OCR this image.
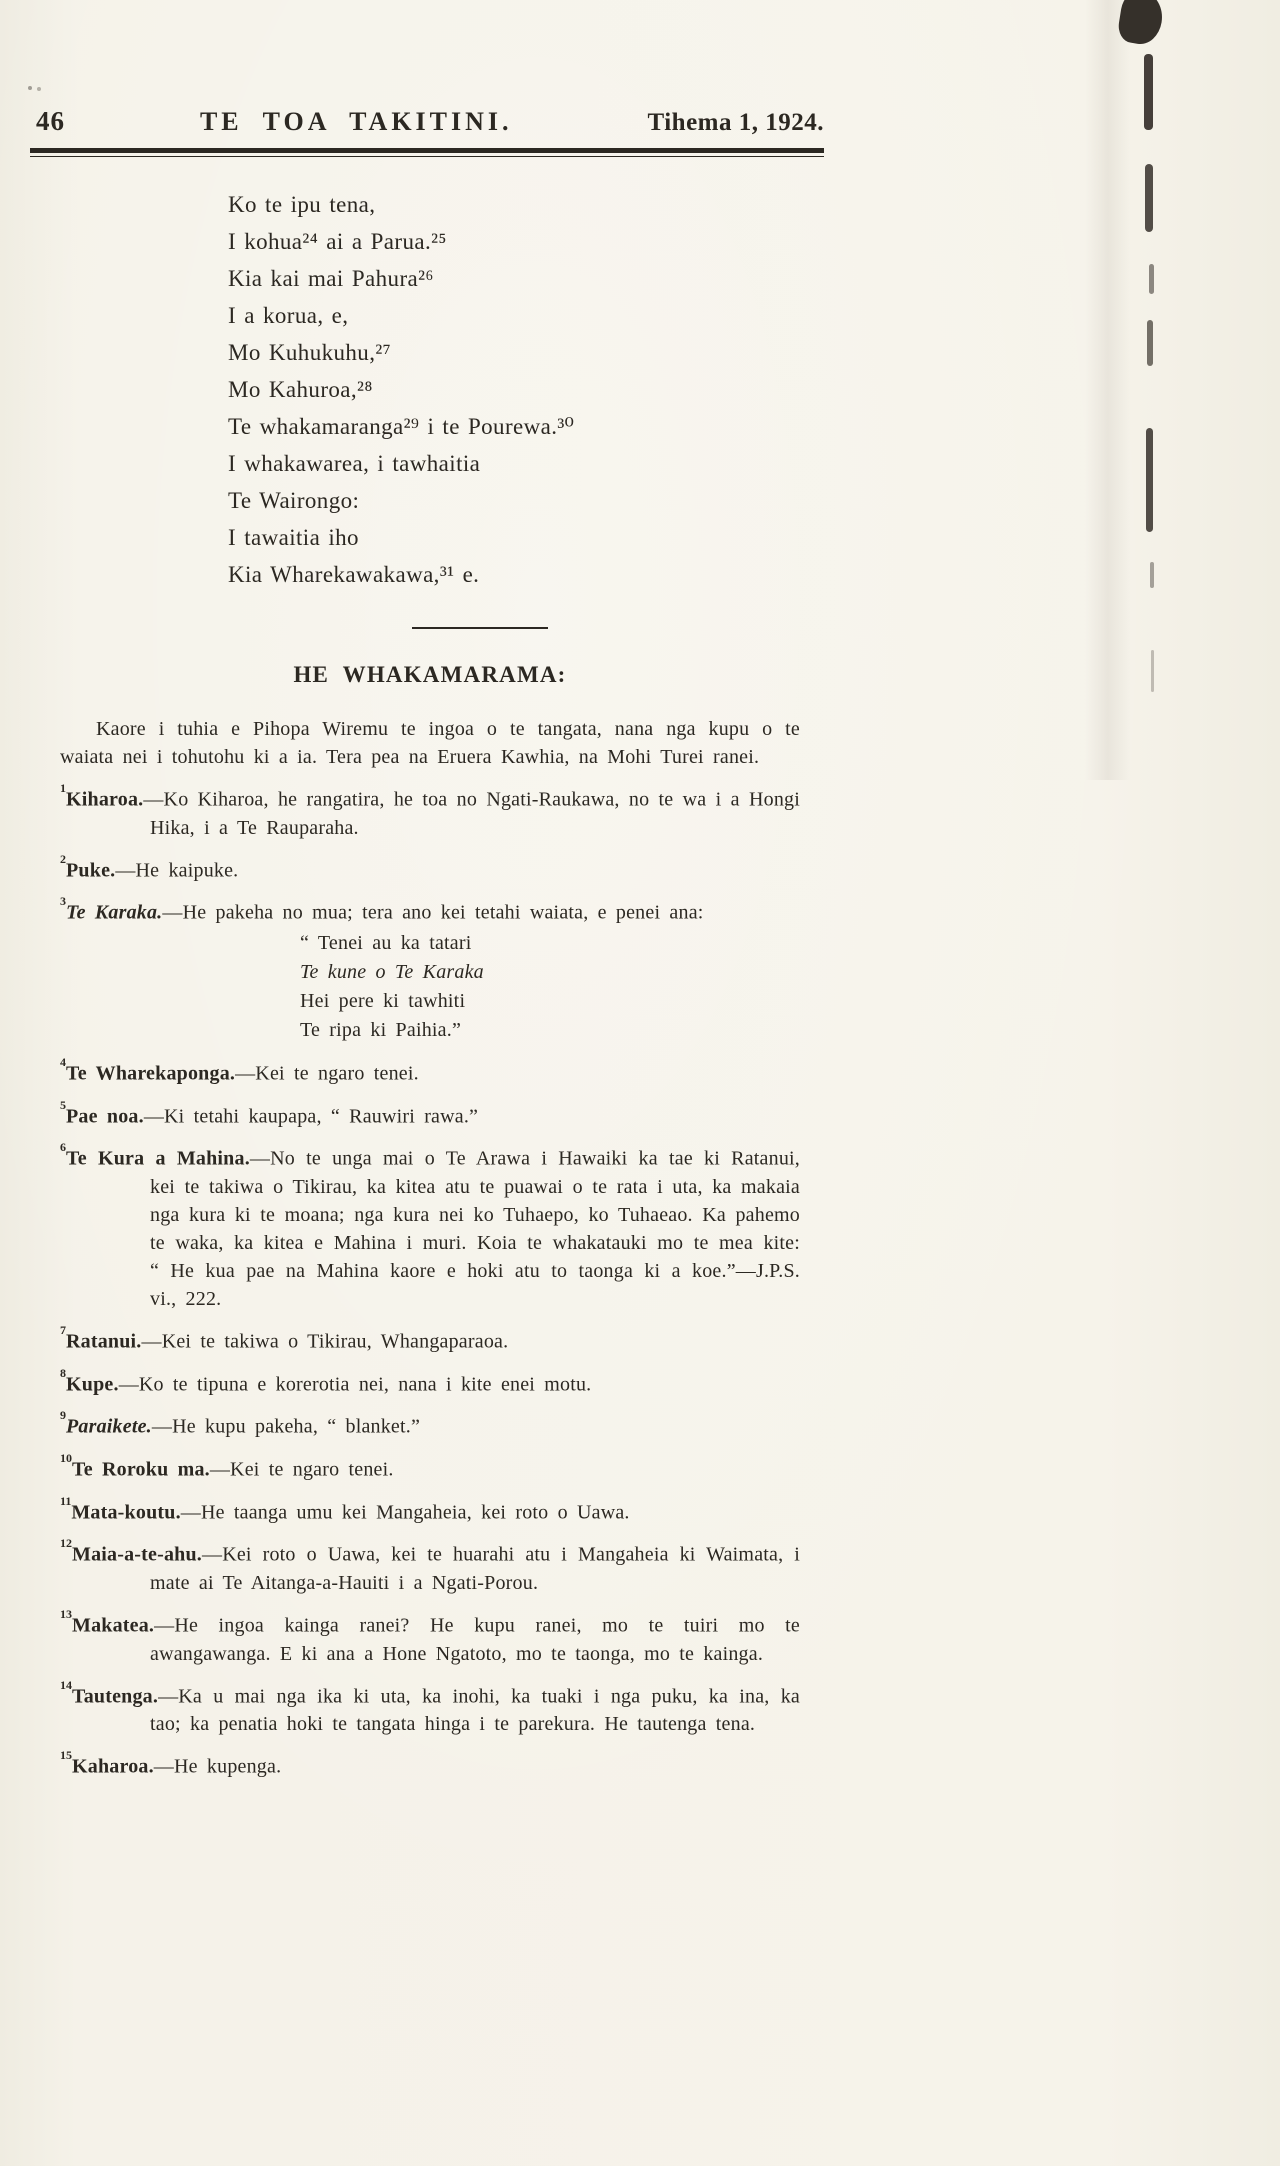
46	TE TOA TAKITINI.	Tihema 1, 1924.
Ko te ipu tena,
I kohua²⁴ ai a Parua.²⁵
Kia kai mai Pahura²⁶
I a korua, e,
Mo Kuhukuhu,²⁷
Mo Kahuroa,²⁸
Te whakamaranga²⁹ i te Pourewa.³⁰
I whakawarea, i tawhaitia
Te Wairongo:
I tawaitia iho
Kia Wharekawakawa,³¹ e.
HE WHAKAMARAMA:

Kaore i tuhia e Pihopa Wiremu te ingoa o te tangata, nana nga kupu o te waiata nei i tohutohu ki a ia. Tera pea na Eruera Kawhia, na Mohi Turei ranei.

$^1$Kiharoa.—Ko Kiharoa, he rangatira, he toa no Ngati-Raukawa, no te wa i a Hongi Hika, i a Te Rauparaha.

$^2$Puke.—He kaipuke.

$^3$Te Karaka.—He pakeha no mua; tera ano kei tetahi waiata, e penei ana:

“ Tenei au ka tatari
Te kune o Te Karaka
Hei pere ki tawhiti
Te ripa ki Paihia.”

$^4$Te Wharekaponga.—Kei te ngaro tenei.

$^5$Pae noa.—Ki tetahi kaupapa, “ Rauwiri rawa.”

$^6$Te Kura a Mahina.—No te unga mai o Te Arawa i Hawaiki ka tae ki Ratanui, kei te takiwa o Tikirau, ka kitea atu te puawai o te rata i uta, ka makaia nga kura ki te moana; nga kura nei ko Tuhaepo, ko Tuhaeao. Ka pahemo te waka, ka kitea e Mahina i muri. Koia te whakatauki mo te mea kite: “ He kua pae na Mahina kaore e hoki atu to taonga ki a koe.”—J.P.S. vi., 222.

$^7$Ratanui.—Kei te takiwa o Tikirau, Whangaparaoa.

$^8$Kupe.—Ko te tipuna e korerotia nei, nana i kite enei motu.

$^9$Paraikete.—He kupu pakeha, “ blanket.”

$^{10}$Te Roroku ma.—Kei te ngaro tenei.

$^{11}$Mata-koutu.—He taanga umu kei Mangaheia, kei roto o Uawa.

$^{12}$Maia-a-te-ahu.—Kei roto o Uawa, kei te huarahi atu i Mangaheia ki Waimata, i mate ai Te Aitanga-a-Hauiti i a Ngati-Porou.

$^{13}$Makatea.—He ingoa kainga ranei? He kupu ranei, mo te tuiri mo te awangawanga. E ki ana a Hone Ngatoto, mo te taonga, mo te kainga.

$^{14}$Tautenga.—Ka u mai nga ika ki uta, ka inohi, ka tuaki i nga puku, ka ina, ka tao; ka penatia hoki te tangata hinga i te parekura. He tautenga tena.

$^{15}$Kaharoa.—He kupenga.
